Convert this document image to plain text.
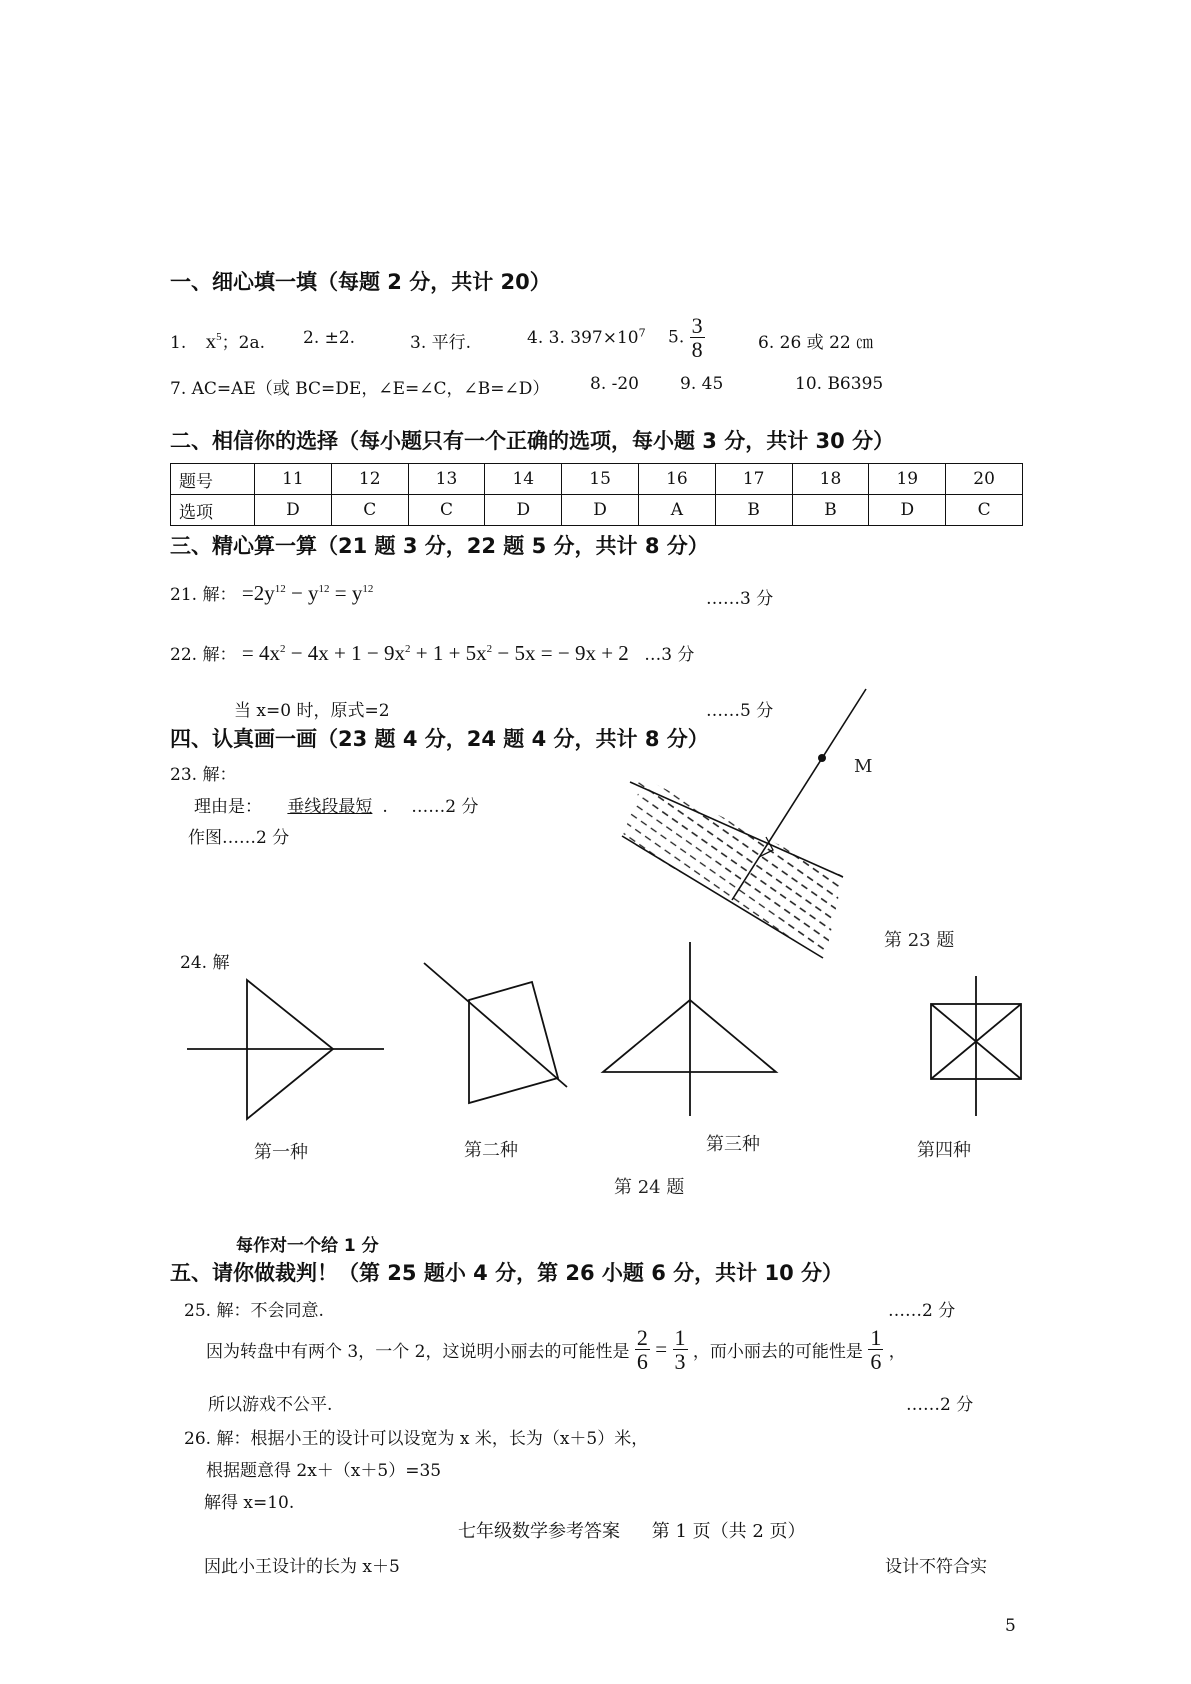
一、细心填一填（每题 2 分，共计 20）
1. $x^5$；2a. 2. ±2.	3. 平行.	4. 3. $397\times 10^7$ 5. $\frac{3}{8}$	6. 26 或 22 ㎝
7. AC=AE（或 BC=DE，∠E=∠C，∠B=∠D） 8. -20 9. 45	10. B6395
二、相信你的选择（每小题只有一个正确的选项，每小题 3 分，共计 30 分）
题号	11	12	13	14	15	16	17	18	19	20
选项	D	C	C	D	D	A	B	B	D	C
三、精心算一算（21 题 3 分，22 题 5 分，共计 8 分）
21. 解： $=2y^{12} - y^{12} = y^{12}$	……3 分
22. 解： = $4x^2 - 4x + 1 - 9x^2 + 1 + 5x^2 - 5x$ = − 9x + 2 …3 分
当 x=0 时，原式=2	……5 分
四、认真画一画（23 题 4 分，24 题 4 分，共计 8 分）
23. 解：
理由是： 垂线段最短 . ……2 分
作图……2 分
M
第 23 题
第一种	第二种	第三种	第四种
第 24 题
24. 解
每作对一个给 1 分
五、请你做裁判！（第 25 题小 4 分，第 26 小题 6 分，共计 10 分）
25. 解：不会同意.	……2 分
因为转盘中有两个 3，一个 2，这说明小丽去的可能性是 $\frac{2}{6} = \frac{1}{3}$ ，而小丽去的可能性是 $\frac{1}{6}$ ，
所以游戏不公平.	……2 分
26. 解：根据小王的设计可以设宽为 x 米，长为（x＋5）米，
根据题意得 2x＋（x＋5）=35
解得 x=10.
因此小王设计的长为 x＋5	设计不符合实
七年级数学参考答案 第 1 页（共 2 页）
5
